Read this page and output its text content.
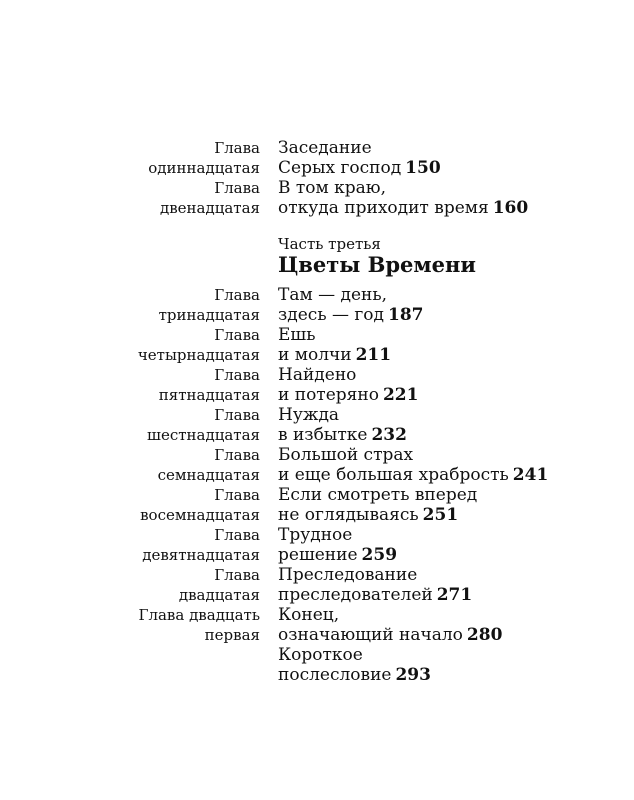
Глава
одиннадцатая
Заседание
Серых господ 150
Глава
двенадцатая
В том краю,
откуда приходит время 160
Часть третья
Цветы Времени
Глава
тринадцатая
Там — день,
здесь — год 187
Глава
четырнадцатая
Ешь
и молчи 211
Глава
пятнадцатая
Найдено
и потеряно 221
Глава
шестнадцатая
Нужда
в избытке 232
Глава
семнадцатая
Большой страх
и еще большая храбрость 241
Глава
восемнадцатая
Если смотреть вперед
не оглядываясь 251
Глава
девятнадцатая
Трудное
решение 259
Глава
двадцатая
Преследование
преследователей 271
Глава двадцать
первая
Конец,
означающий начало 280
Короткое
послесловие 293
